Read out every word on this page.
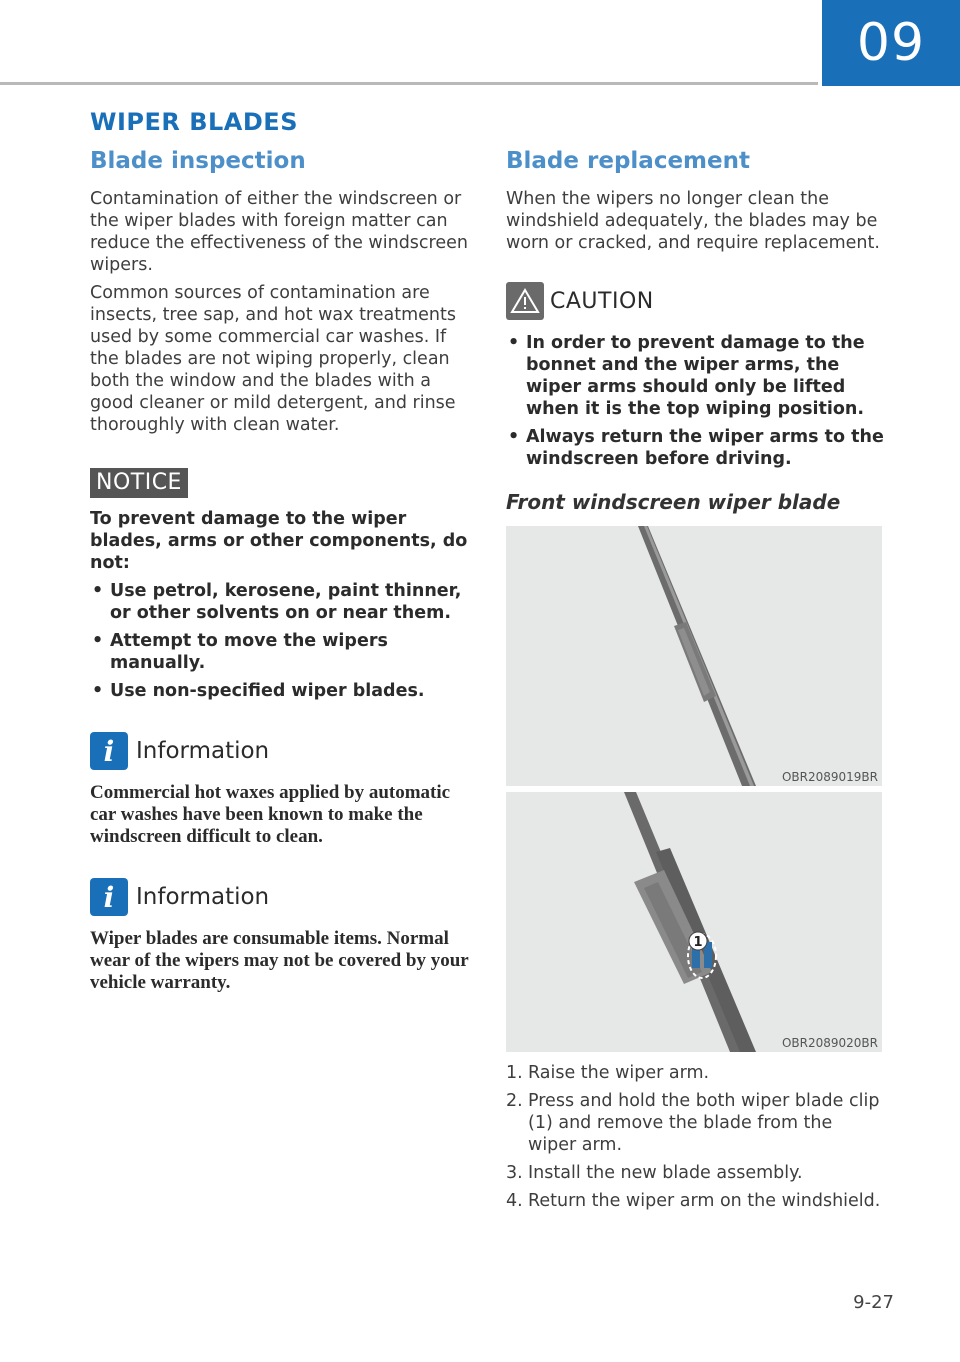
09
WIPER BLADES
Blade inspection

Contamination of either the windscreen or the wiper blades with foreign matter can reduce the effectiveness of the windscreen wipers.

Common sources of contamination are insects, tree sap, and hot wax treatments used by some commercial car washes. If the blades are not wiping properly, clean both the window and the blades with a good cleaner or mild detergent, and rinse thoroughly with clean water.

NOTICE

To prevent damage to the wiper blades, arms or other components, do not:

• Use petrol, kerosene, paint thinner, or other solvents on or near them.
• Attempt to move the wipers manually.
• Use non-specified wiper blades.
i Information

Commercial hot waxes applied by automatic car washes have been known to make the windscreen difficult to clean.

i Information

Wiper blades are consumable items. Normal wear of the wipers may not be covered by your vehicle warranty.

Blade replacement

When the wipers no longer clean the windshield adequately, the blades may be worn or cracked, and require replacement.

CAUTION
• In order to prevent damage to the bonnet and the wiper arms, the wiper arms should only be lifted when it is the top wiping position.
• Always return the wiper arms to the windscreen before driving.
Front windscreen wiper blade
OBR2089019BR
1
OBR2089020BR
1. Raise the wiper arm.
2. Press and hold the both wiper blade clip (1) and remove the blade from the wiper arm.
3. Install the new blade assembly.
4. Return the wiper arm on the windshield.
9-27
